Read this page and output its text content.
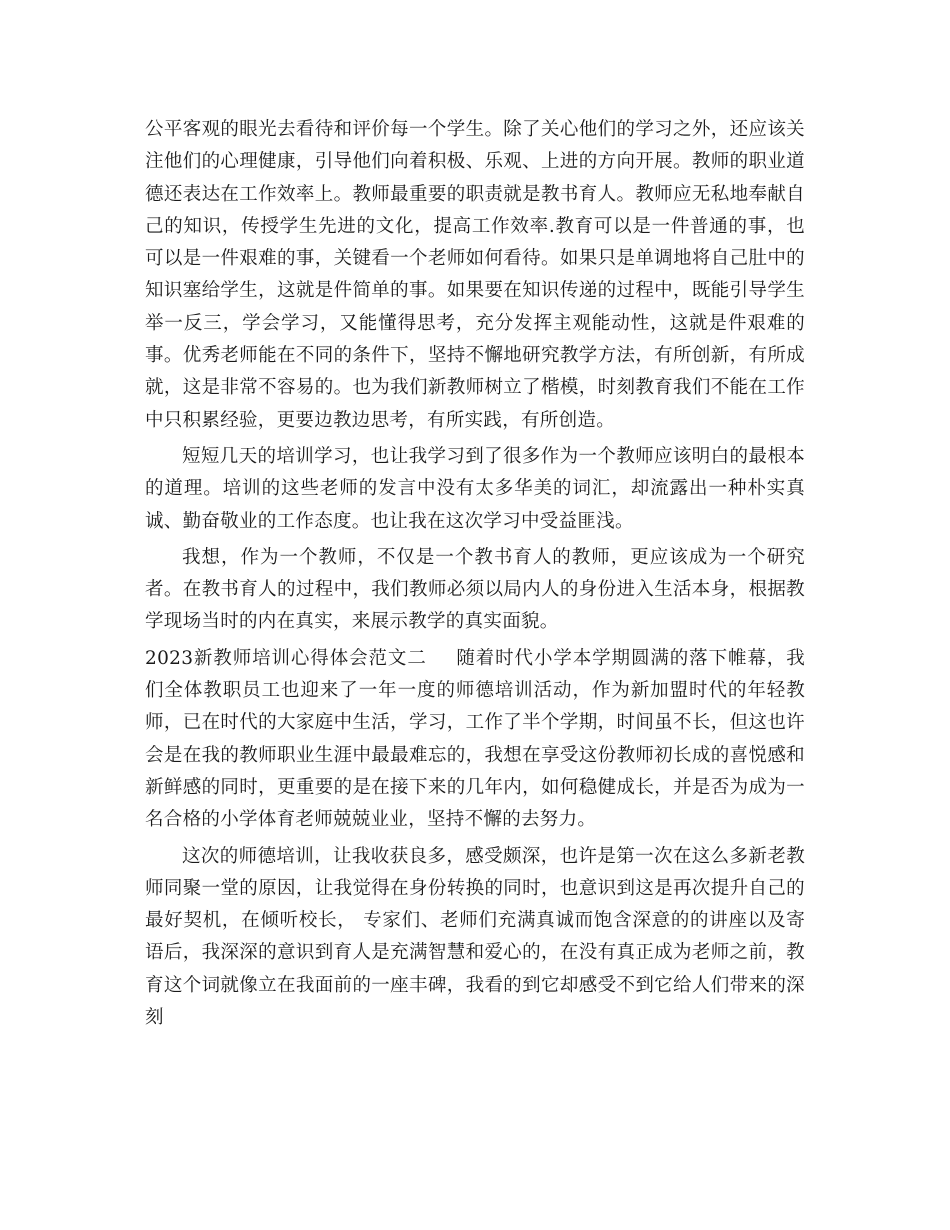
公平客观的眼光去看待和评价每一个学生。除了关心他们的学习之外，还应该关注他们的心理健康，引导他们向着积极、乐观、上进的方向开展。教师的职业道德还表达在工作效率上。教师最重要的职责就是教书育人。教师应无私地奉献自己的知识，传授学生先进的文化，提高工作效率.教育可以是一件普通的事，也可以是一件艰难的事，关键看一个老师如何看待。如果只是单调地将自己肚中的知识塞给学生，这就是件简单的事。如果要在知识传递的过程中，既能引导学生举一反三，学会学习，又能懂得思考，充分发挥主观能动性，这就是件艰难的事。优秀老师能在不同的条件下，坚持不懈地研究教学方法，有所创新，有所成就，这是非常不容易的。也为我们新教师树立了楷模，时刻教育我们不能在工作中只积累经验，更要边教边思考，有所实践，有所创造。

短短几天的培训学习，也让我学习到了很多作为一个教师应该明白的最根本的道理。培训的这些老师的发言中没有太多华美的词汇，却流露出一种朴实真诚、勤奋敬业的工作态度。也让我在这次学习中受益匪浅。

我想，作为一个教师，不仅是一个教书育人的教师，更应该成为一个研究者。在教书育人的过程中，我们教师必须以局内人的身份进入生活本身，根据教学现场当时的内在真实，来展示教学的真实面貌。

2023新教师培训心得体会范文二 随着时代小学本学期圆满的落下帷幕，我们全体教职员工也迎来了一年一度的师德培训活动，作为新加盟时代的年轻教师，已在时代的大家庭中生活，学习，工作了半个学期，时间虽不长，但这也许会是在我的教师职业生涯中最最难忘的，我想在享受这份教师初长成的喜悦感和新鲜感的同时，更重要的是在接下来的几年内，如何稳健成长，并是否为成为一名合格的小学体育老师兢兢业业，坚持不懈的去努力。

这次的师德培训，让我收获良多，感受颇深，也许是第一次在这么多新老教师同聚一堂的原因，让我觉得在身份转换的同时，也意识到这是再次提升自己的最好契机，在倾听校长， 专家们、老师们充满真诚而饱含深意的的讲座以及寄语后，我深深的意识到育人是充满智慧和爱心的，在没有真正成为老师之前，教育这个词就像立在我面前的一座丰碑，我看的到它却感受不到它给人们带来的深刻
